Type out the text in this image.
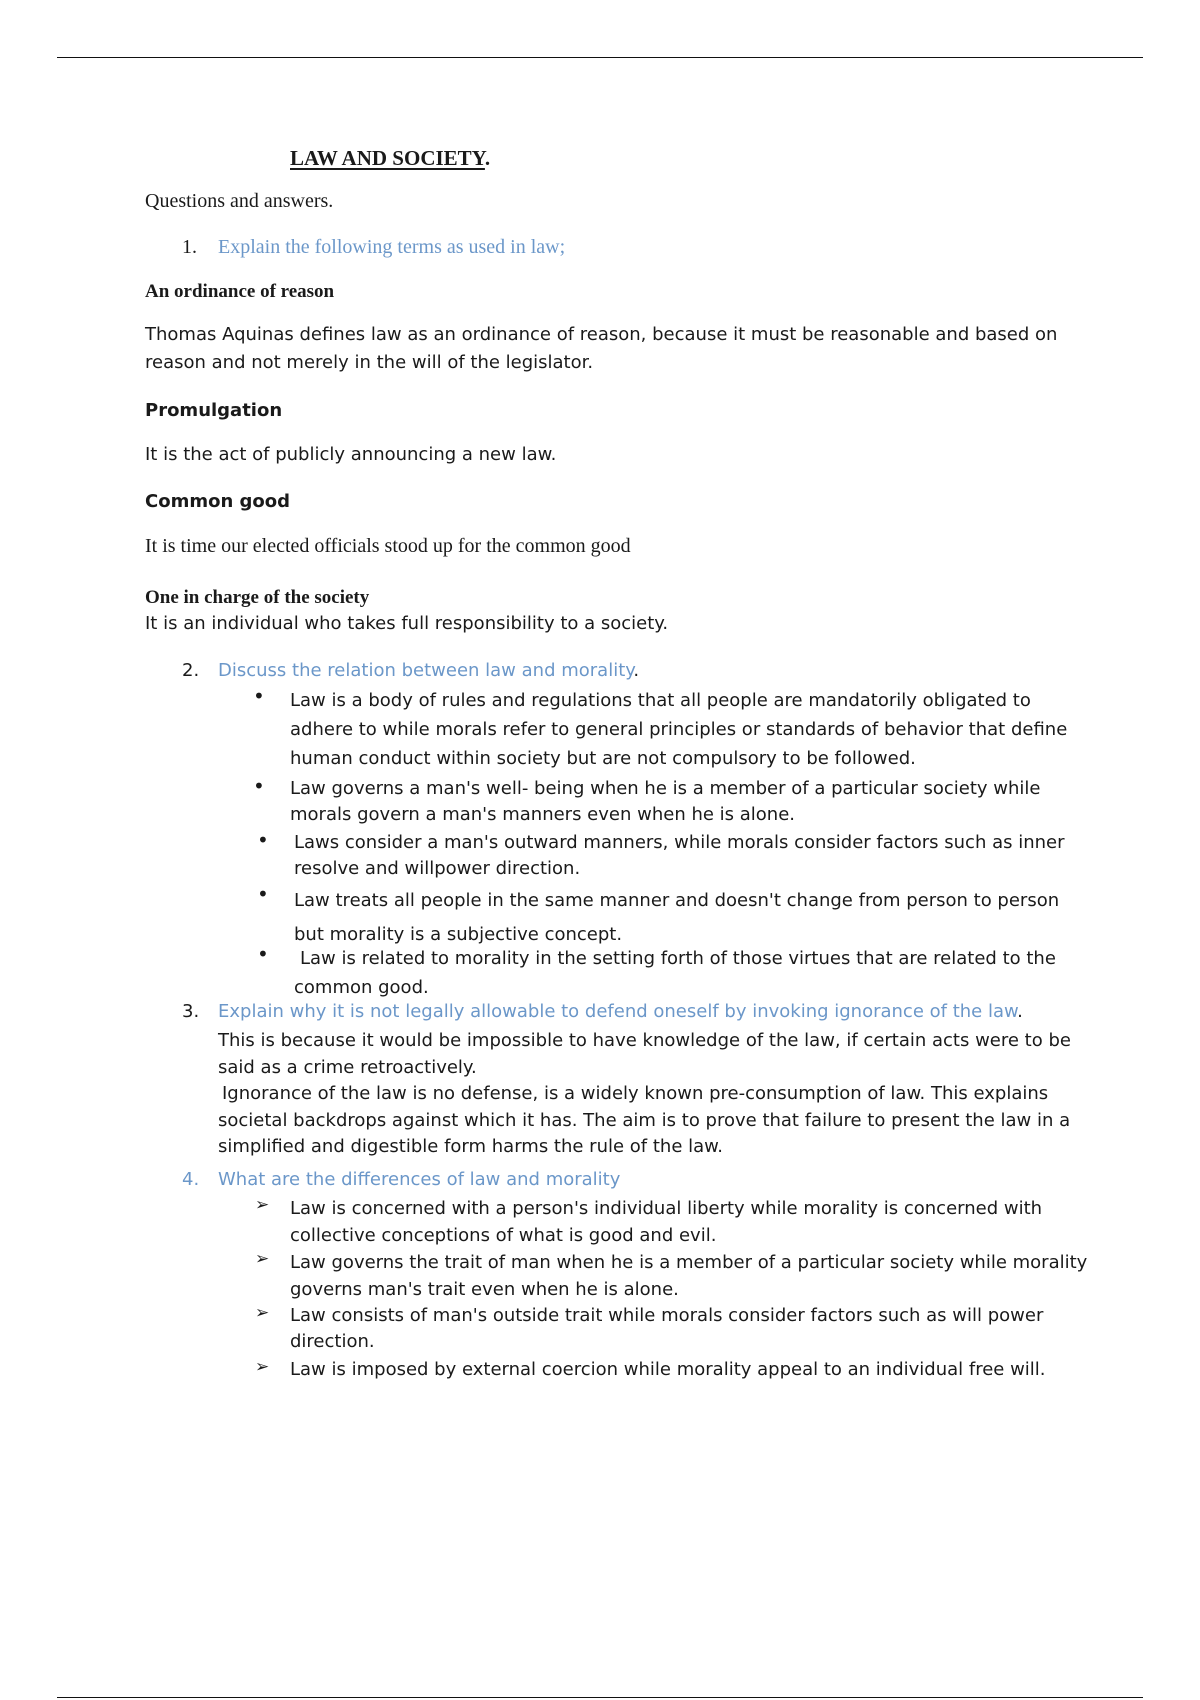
LAW AND SOCIETY.
Questions and answers.
1. Explain the following terms as used in law;
An ordinance of reason
Thomas Aquinas defines law as an ordinance of reason, because it must be reasonable and based on
reason and not merely in the will of the legislator.
Promulgation
It is the act of publicly announcing a new law.
Common good
It is time our elected officials stood up for the common good
One in charge of the society
It is an individual who takes full responsibility to a society.
2. Discuss the relation between law and morality.
• Law is a body of rules and regulations that all people are mandatorily obligated to
adhere to while morals refer to general principles or standards of behavior that define
human conduct within society but are not compulsory to be followed.
• Law governs a man's well- being when he is a member of a particular society while
morals govern a man's manners even when he is alone.
• Laws consider a man's outward manners, while morals consider factors such as inner
resolve and willpower direction.
• Law treats all people in the same manner and doesn't change from person to person
but morality is a subjective concept.
•	Law is related to morality in the setting forth of those virtues that are related to the
common good.
3. Explain why it is not legally allowable to defend oneself by invoking ignorance of the law.
This is because it would be impossible to have knowledge of the law, if certain acts were to be
said as a crime retroactively.
Ignorance of the law is no defense, is a widely known pre-consumption of law. This explains
societal backdrops against which it has. The aim is to prove that failure to present the law in a
simplified and digestible form harms the rule of the law.
4. What are the differences of law and morality
➢ Law is concerned with a person's individual liberty while morality is concerned with
collective conceptions of what is good and evil.
➢ Law governs the trait of man when he is a member of a particular society while morality
governs man's trait even when he is alone.
➢ Law consists of man's outside trait while morals consider factors such as will power
direction.
➢ Law is imposed by external coercion while morality appeal to an individual free will.
